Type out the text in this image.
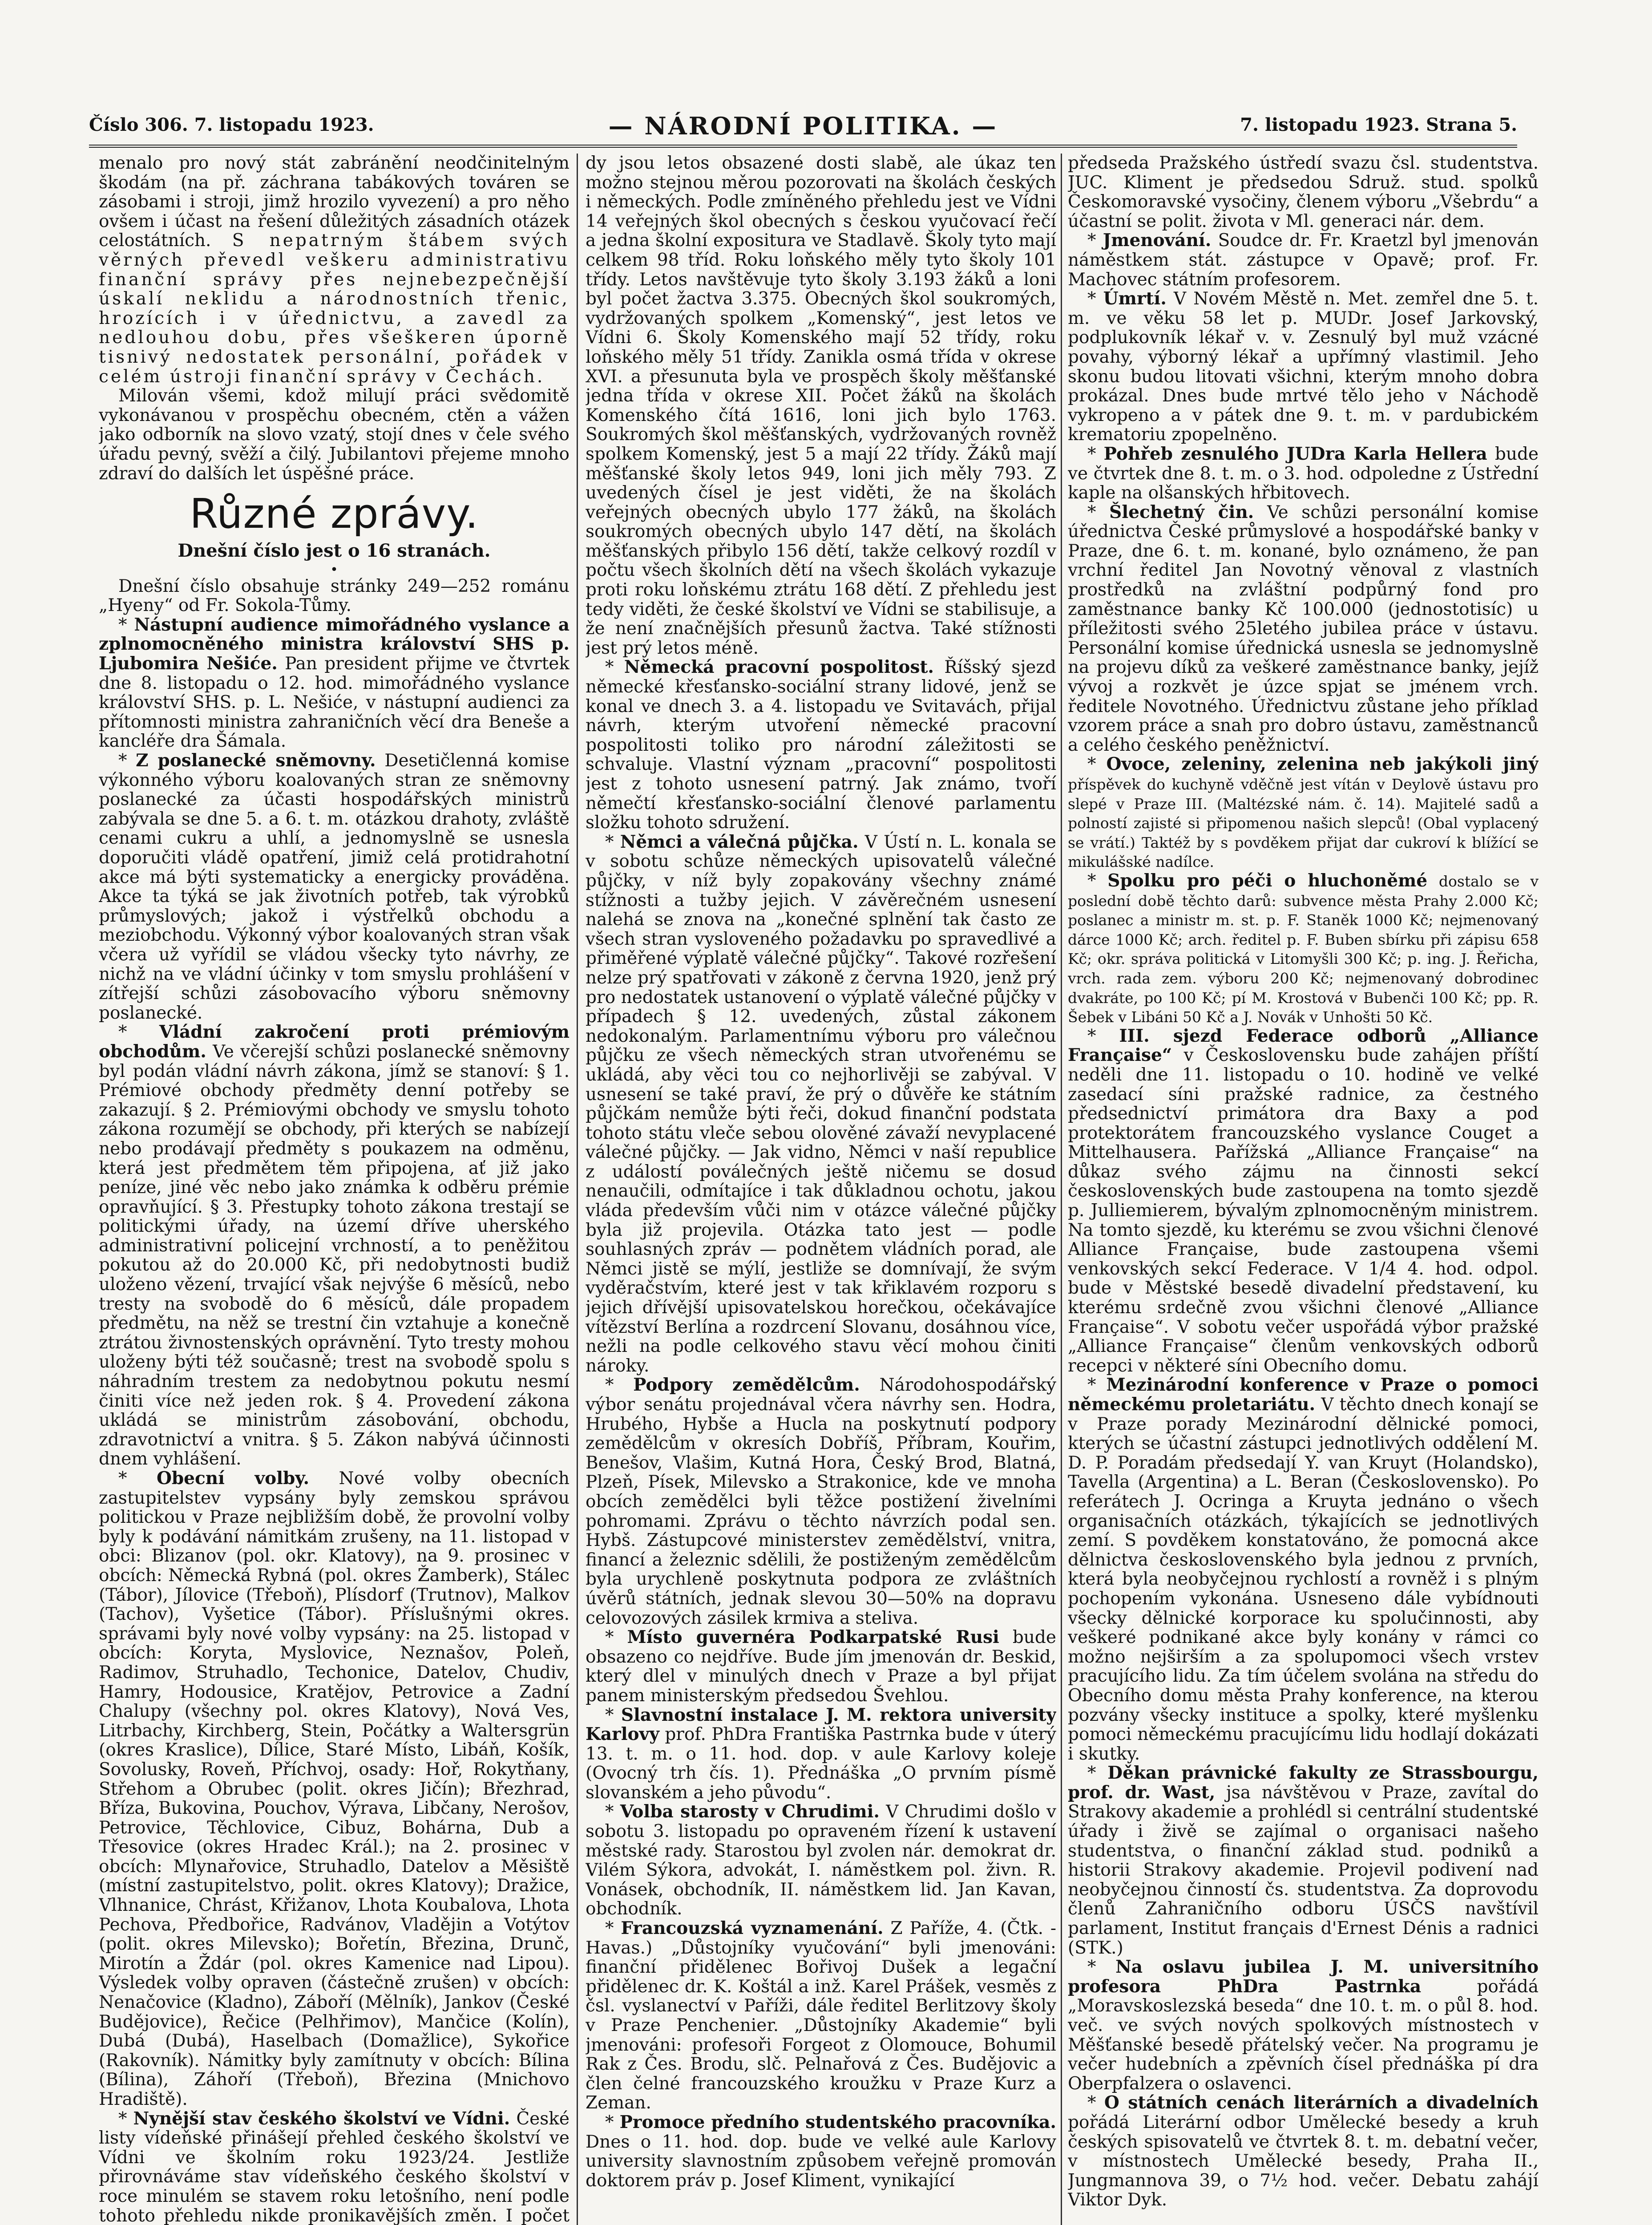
Číslo 306. 7. listopadu 1923.	— NÁRODNÍ POLITIKA. —	7. listopadu 1923. Strana 5.

menalo pro nový stát zabránění neodčinitelným škodám (na př. záchrana tabákových továren se zásobami i stroji, jimž hrozilo vyvezení) a pro něho ovšem i účast na řešení důležitých zásadních otázek celostátních. S nepatrným štábem svých věrných převedl veškeru administrativu finanční správy přes nejnebezpečnější úskalí neklidu a národnostních třenic, hrozících i v úřednictvu, a zavedl za nedlouhou dobu, přes všeškeren úporně tisnivý nedostatek personální, pořádek v celém ústroji finanční správy v Čechách.

Milován všemi, kdož milují práci svědomitě vykonávanou v prospěchu obecném, ctěn a vážen jako odborník na slovo vzatý, stojí dnes v čele svého úřadu pevný, svěží a čilý. Jubilantovi přejeme mnoho zdraví do dalších let úspěšné práce.

Různé zprávy.
Dnešní číslo jest o 16 stranách.
•

Dnešní číslo obsahuje stránky 249—252 románu „Hyeny“ od Fr. Sokola-Tůmy.

* Nástupní audience mimořádného vyslance a zplnomocněného ministra království SHS p. Ljubomira Nešiće. Pan president přijme ve čtvrtek dne 8. listopadu o 12. hod. mimořádného vyslance království SHS. p. L. Nešiće, v nástupní audienci za přítomnosti ministra zahraničních věcí dra Beneše a kancléře dra Šámala.

* Z poslanecké sněmovny. Desetičlenná komise výkonného výboru koalovaných stran ze sněmovny poslanecké za účasti hospodářských ministrů zabývala se dne 5. a 6. t. m. otázkou drahoty, zvláště cenami cukru a uhlí, a jednomyslně se usnesla doporučiti vládě opatření, jimiž celá protidrahotní akce má býti systematicky a energicky prováděna. Akce ta týká se jak životních potřeb, tak výrobků průmyslových; jakož i výstřelků obchodu a meziobchodu. Výkonný výbor koalovaných stran však včera už vyřídil se vládou všecky tyto návrhy, ze nichž na ve vládní účinky v tom smyslu prohlášení v zítřejší schůzi zásobovacího výboru sněmovny poslanecké.

* Vládní zakročení proti prémiovým obchodům. Ve včerejší schůzi poslanecké sněmovny byl podán vládní návrh zákona, jímž se stanoví: § 1. Prémiové obchody předměty denní potřeby se zakazují. § 2. Prémiovými obchody ve smyslu tohoto zákona rozumějí se obchody, při kterých se nabízejí nebo prodávají předměty s poukazem na odměnu, která jest předmětem těm připojena, ať již jako peníze, jiné věc nebo jako známka k odběru prémie opravňující. § 3. Přestupky tohoto zákona trestají se politickými úřady, na území dříve uherského administrativní policejní vrchností, a to peněžitou pokutou až do 20.000 Kč, při nedobytnosti budiž uloženo vězení, trvající však nejvýše 6 měsíců, nebo tresty na svobodě do 6 měsíců, dále propadem předmětu, na něž se trestní čin vztahuje a konečně ztrátou živnostenských oprávnění. Tyto tresty mohou uloženy býti též současně; trest na svobodě spolu s náhradním trestem za nedobytnou pokutu nesmí činiti více než jeden rok. § 4. Provedení zákona ukládá se ministrům zásobování, obchodu, zdravotnictví a vnitra. § 5. Zákon nabývá účinnosti dnem vyhlášení.

* Obecní volby. Nové volby obecních zastupitelstev vypsány byly zemskou správou politickou v Praze nejbližším době, že provolní volby byly k podávání námitkám zrušeny, na 11. listopad v obci: Blizanov (pol. okr. Klatovy), na 9. prosinec v obcích: Německá Rybná (pol. okres Žamberk), Stálec (Tábor), Jílovice (Třeboň), Plísdorf (Trutnov), Malkov (Tachov), Vyšetice (Tábor). Příslušnými okres. správami byly nové volby vypsány: na 25. listopad v obcích: Koryta, Myslovice, Neznašov, Poleň, Radimov, Struhadlo, Techonice, Datelov, Chudiv, Hamry, Hodousice, Kratějov, Petrovice a Zadní Chalupy (všechny pol. okres Klatovy), Nová Ves, Litrbachy, Kirchberg, Stein, Počátky a Waltersgrün (okres Kraslice), Dílice, Staré Místo, Libáň, Košík, Sovolusky, Roveň, Příchvoj, osady: Hoř, Rokytňany, Střehom a Obrubec (polit. okres Jičín); Březhrad, Bříza, Bukovina, Pouchov, Výrava, Libčany, Nerošov, Petrovice, Těchlovice, Cibuz, Bohárna, Dub a Třesovice (okres Hradec Král.); na 2. prosinec v obcích: Mlynařovice, Struhadlo, Datelov a Měsiště (místní zastupitelstvo, polit. okres Klatovy); Dražice, Vlhnanice, Chrást, Křižanov, Lhota Koubalova, Lhota Pechova, Předbořice, Radvánov, Vladějin a Votýtov (polit. okres Milevsko); Bořetín, Březina, Drunč, Mirotín a Ždár (pol. okres Kamenice nad Lipou). Výsledek volby opraven (částečně zrušen) v obcích: Nenačovice (Kladno), Záboří (Mělník), Jankov (České Budějovice), Řečice (Pelhřimov), Mančice (Kolín), Dubá (Dubá), Haselbach (Domažlice), Sykořice (Rakovník). Námitky byly zamítnuty v obcích: Bílina (Bílina), Záhoří (Třeboň), Březina (Mnichovo Hradiště).

* Nynější stav českého školství ve Vídni. České listy vídeňské přinášejí přehled českého školství ve Vídni ve školním roku 1923/24. Jestliže přirovnáváme stav vídeňského českého školství v roce minulém se stavem roku letošního, není podle tohoto přehledu nikde pronikavějších změn. I počet

dy jsou letos obsazené dosti slabě, ale úkaz ten možno stejnou měrou pozorovati na školách českých i německých. Podle zmíněného přehledu jest ve Vídni 14 veřejných škol obecných s českou vyučovací řečí a jedna školní expositura ve Stadlavě. Školy tyto mají celkem 98 tříd. Roku loňského měly tyto školy 101 třídy. Letos navštěvuje tyto školy 3.193 žáků a loni byl počet žactva 3.375. Obecných škol soukromých, vydržovaných spolkem „Komenský“, jest letos ve Vídni 6. Školy Komenského mají 52 třídy, roku loňského měly 51 třídy. Zanikla osmá třída v okrese XVI. a přesunuta byla ve prospěch školy měšťanské jedna třída v okrese XII. Počet žáků na školách Komenského čítá 1616, loni jich bylo 1763. Soukromých škol měšťanských, vydržovaných rovněž spolkem Komenský, jest 5 a mají 22 třídy. Žáků mají měšťanské školy letos 949, loni jich měly 793. Z uvedených čísel je jest viděti, že na školách veřejných obecných ubylo 177 žáků, na školách soukromých obecných ubylo 147 dětí, na školách měšťanských přibylo 156 dětí, takže celkový rozdíl v počtu všech školních dětí na všech školách vykazuje proti roku loňskému ztrátu 168 dětí. Z přehledu jest tedy viděti, že české školství ve Vídni se stabilisuje, a že není značnějších přesunů žactva. Také stížnosti jest prý letos méně.

* Německá pracovní pospolitost. Říšský sjezd německé křesťansko-sociální strany lidové, jenž se konal ve dnech 3. a 4. listopadu ve Svitavách, přijal návrh, kterým utvoření německé pracovní pospolitosti toliko pro národní záležitosti se schvaluje. Vlastní význam „pracovní“ pospolitosti jest z tohoto usnesení patrný. Jak známo, tvoří němečtí křesťansko-sociální členové parlamentu složku tohoto sdružení.

* Němci a válečná půjčka. V Ústí n. L. konala se v sobotu schůze německých upisovatelů válečné půjčky, v níž byly zopakovány všechny známé stížnosti a tužby jejich. V závěrečném usnesení nalehá se znova na „konečné splnění tak často ze všech stran vysloveného požadavku po spravedlivé a přiměřené výplatě válečné půjčky“. Takové rozřešení nelze prý spatřovati v zákoně z června 1920, jenž prý pro nedostatek ustanovení o výplatě válečné půjčky v případech § 12. uvedených, zůstal zákonem nedokonalým. Parlamentnímu výboru pro válečnou půjčku ze všech německých stran utvořenému se ukládá, aby věci tou co nejhorlivěji se zabýval. V usnesení se také praví, že prý o důvěře ke státním půjčkám nemůže býti řeči, dokud finanční podstata tohoto státu vleče sebou olověné závaží nevyplacené válečné půjčky. — Jak vidno, Němci v naší republice z událostí poválečných ještě ničemu se dosud nenaučili, odmítajíce i tak důkladnou ochotu, jakou vláda především vůči nim v otázce válečné půjčky byla již projevila. Otázka tato jest — podle souhlasných zpráv — podnětem vládních porad, ale Němci jistě se mýlí, jestliže se domnívají, že svým vyděračstvím, které jest v tak křiklavém rozporu s jejich dřívější upisovatelskou horečkou, očekávajíce vítězství Berlína a rozdrcení Slovanu, dosáhnou více, nežli na podle celkového stavu věcí mohou činiti nároky.

* Podpory zemědělcům. Národohospodářský výbor senátu projednával včera návrhy sen. Hodra, Hrubého, Hybše a Hucla na poskytnutí podpory zemědělcům v okresích Dobříš, Příbram, Kouřim, Benešov, Vlašim, Kutná Hora, Český Brod, Blatná, Plzeň, Písek, Milevsko a Strakonice, kde ve mnoha obcích zemědělci byli těžce postižení živelními pohromami. Zprávu o těchto návrzích podal sen. Hybš. Zástupcové ministerstev zemědělství, vnitra, financí a železnic sdělili, že postiženým zemědělcům byla urychleně poskytnuta podpora ze zvláštních úvěrů státních, jednak slevou 30—50% na dopravu celovozových zásilek krmiva a steliva.

* Místo guvernéra Podkarpatské Rusi bude obsazeno co nejdříve. Bude jím jmenován dr. Beskid, který dlel v minulých dnech v Praze a byl přijat panem ministerským předsedou Švehlou.

* Slavnostní instalace J. M. rektora university Karlovy prof. PhDra Františka Pastrnka bude v úterý 13. t. m. o 11. hod. dop. v aule Karlovy koleje (Ovocný trh čís. 1). Přednáška „O prvním písmě slovanském a jeho původu“.

* Volba starosty v Chrudimi. V Chrudimi došlo v sobotu 3. listopadu po opraveném řízení k ustavení městské rady. Starostou byl zvolen nár. demokrat dr. Vilém Sýkora, advokát, I. náměstkem pol. živn. R. Vonásek, obchodník, II. náměstkem lid. Jan Kavan, obchodník.

* Francouzská vyznamenání. Z Paříže, 4. (Čtk. - Havas.) „Důstojníky vyučování“ byli jmenováni: finanční přidělenec Bořivoj Dušek a legační přidělenec dr. K. Koštál a inž. Karel Prášek, vesměs z čsl. vyslanectví v Paříži, dále ředitel Berlitzovy školy v Praze Penchenier. „Důstojníky Akademie“ byli jmenováni: profesoři Forgeot z Olomouce, Bohumil Rak z Čes. Brodu, slč. Pelnařová z Čes. Budějovic a člen čelné francouzského kroužku v Praze Kurz a Zeman.

* Promoce předního studentského pracovníka. Dnes o 11. hod. dop. bude ve velké aule Karlovy university slavnostním způsobem veřejně promován doktorem práv p. Josef Kliment, vynikající

předseda Pražského ústředí svazu čsl. studentstva. JUC. Kliment je předsedou Sdruž. stud. spolků Českomoravské vysočiny, členem výboru „Všebrdu“ a účastní se polit. života v Ml. generaci nár. dem.

* Jmenování. Soudce dr. Fr. Kraetzl byl jmenován náměstkem stát. zástupce v Opavě; prof. Fr. Machovec státním profesorem.

* Úmrtí. V Novém Městě n. Met. zemřel dne 5. t. m. ve věku 58 let p. MUDr. Josef Jarkovský, podplukovník lékař v. v. Zesnulý byl muž vzácné povahy, výborný lékař a upřímný vlastimil. Jeho skonu budou litovati všichni, kterým mnoho dobra prokázal. Dnes bude mrtvé tělo jeho v Náchodě vykropeno a v pátek dne 9. t. m. v pardubickém krematoriu zpopelněno.

* Pohřeb zesnulého JUDra Karla Hellera bude ve čtvrtek dne 8. t. m. o 3. hod. odpoledne z Ústřední kaple na olšanských hřbitovech.

* Šlechetný čin. Ve schůzi personální komise úřednictva České průmyslové a hospodářské banky v Praze, dne 6. t. m. konané, bylo oznámeno, že pan vrchní ředitel Jan Novotný věnoval z vlastních prostředků na zvláštní podpůrný fond pro zaměstnance banky Kč 100.000 (jednostotisíc) u příležitosti svého 25letého jubilea práce v ústavu. Personální komise úřednická usnesla se jednomyslně na projevu díků za veškeré zaměstnance banky, jejíž vývoj a rozkvět je úzce spjat se jménem vrch. ředitele Novotného. Úřednictvu zůstane jeho příklad vzorem práce a snah pro dobro ústavu, zaměstnanců a celého českého peněžnictví.

* Ovoce, zeleniny, zelenina neb jakýkoli jiný příspěvek do kuchyně vděčně jest vítán v Deylově ústavu pro slepé v Praze III. (Maltézské nám. č. 14). Majitelé sadů a polností zajisté si připomenou našich slepců! (Obal vyplacený se vrátí.) Taktéž by s povděkem přijat dar cukroví k blížící se mikulášské nadílce.

* Spolku pro péči o hluchoněmé dostalo se v poslední době těchto darů: subvence města Prahy 2.000 Kč; poslanec a ministr m. st. p. F. Staněk 1000 Kč; nejmenovaný dárce 1000 Kč; arch. ředitel p. F. Buben sbírku při zápisu 658 Kč; okr. správa politická v Litomyšli 300 Kč; p. ing. J. Řeřicha, vrch. rada zem. výboru 200 Kč; nejmenovaný dobrodinec dvakráte, po 100 Kč; pí M. Krostová v Bubenči 100 Kč; pp. R. Šebek v Libáni 50 Kč a J. Novák v Unhošti 50 Kč.

* III. sjezd Federace odborů „Alliance Française“ v Československu bude zahájen příští neděli dne 11. listopadu o 10. hodině ve velké zasedací síni pražské radnice, za čestného předsednictví primátora dra Baxy a pod protektorátem francouzského vyslance Couget a Mittelhausera. Pařížská „Alliance Française“ na důkaz svého zájmu na činnosti sekcí československých bude zastoupena na tomto sjezdě p. Julliemierem, bývalým zplnomocněným ministrem. Na tomto sjezdě, ku kterému se zvou všichni členové Alliance Française, bude zastoupena všemi venkovských sekcí Federace. V 1/4 4. hod. odpol. bude v Městské besedě divadelní představení, ku kterému srdečně zvou všichni členové „Alliance Française“. V sobotu večer uspořádá výbor pražské „Alliance Française“ členům venkovských odborů recepci v některé síni Obecního domu.

* Mezinárodní konference v Praze o pomoci německému proletariátu. V těchto dnech konají se v Praze porady Mezinárodní dělnické pomoci, kterých se účastní zástupci jednotlivých oddělení M. D. P. Poradám předsedají Y. van Kruyt (Holandsko), Tavella (Argentina) a L. Beran (Československo). Po referátech J. Ocringa a Kruyta jednáno o všech organisačních otázkách, týkajících se jednotlivých zemí. S povděkem konstatováno, že pomocná akce dělnictva československého byla jednou z prvních, která byla neobyčejnou rychlostí a rovněž i s plným pochopením vykonána. Usneseno dále vybídnouti všecky dělnické korporace ku spolučinnosti, aby veškeré podnikané akce byly konány v rámci co možno nejširším a za spolupomoci všech vrstev pracujícího lidu. Za tím účelem svolána na středu do Obecního domu města Prahy konference, na kterou pozvány všecky instituce a spolky, které myšlenku pomoci německému pracujícímu lidu hodlají dokázati i skutky.

* Děkan právnické fakulty ze Strassbourgu, prof. dr. Wast, jsa návštěvou v Praze, zavítal do Strakovy akademie a prohlédl si centrální studentské úřady i živě se zajímal o organisaci našeho studentstva, o finanční základ stud. podniků a historii Strakovy akademie. Projevil podivení nad neobyčejnou činností čs. studentstva. Za doprovodu členů Zahraničního odboru ÚSČS navštívil parlament, Institut français d'Ernest Dénis a radnici (STK.)

* Na oslavu jubilea J. M. universitního profesora PhDra Pastrnka	pořádá „Moravskoslezská beseda“ dne 10. t. m. o půl 8. hod. več. ve svých nových spolkových místnostech v Měšťanské besedě přátelský večer. Na programu je večer hudebních a zpěvních čísel přednáška pí dra Oberpfalzera o oslavenci.

* O státních cenách literárních a divadelních pořádá Literární odbor Umělecké besedy a kruh českých spisovatelů ve čtvrtek 8. t. m. debatní večer, v místnostech Umělecké besedy, Praha II., Jungmannova 39, o 7½ hod. večer. Debatu zahájí Viktor Dyk.
